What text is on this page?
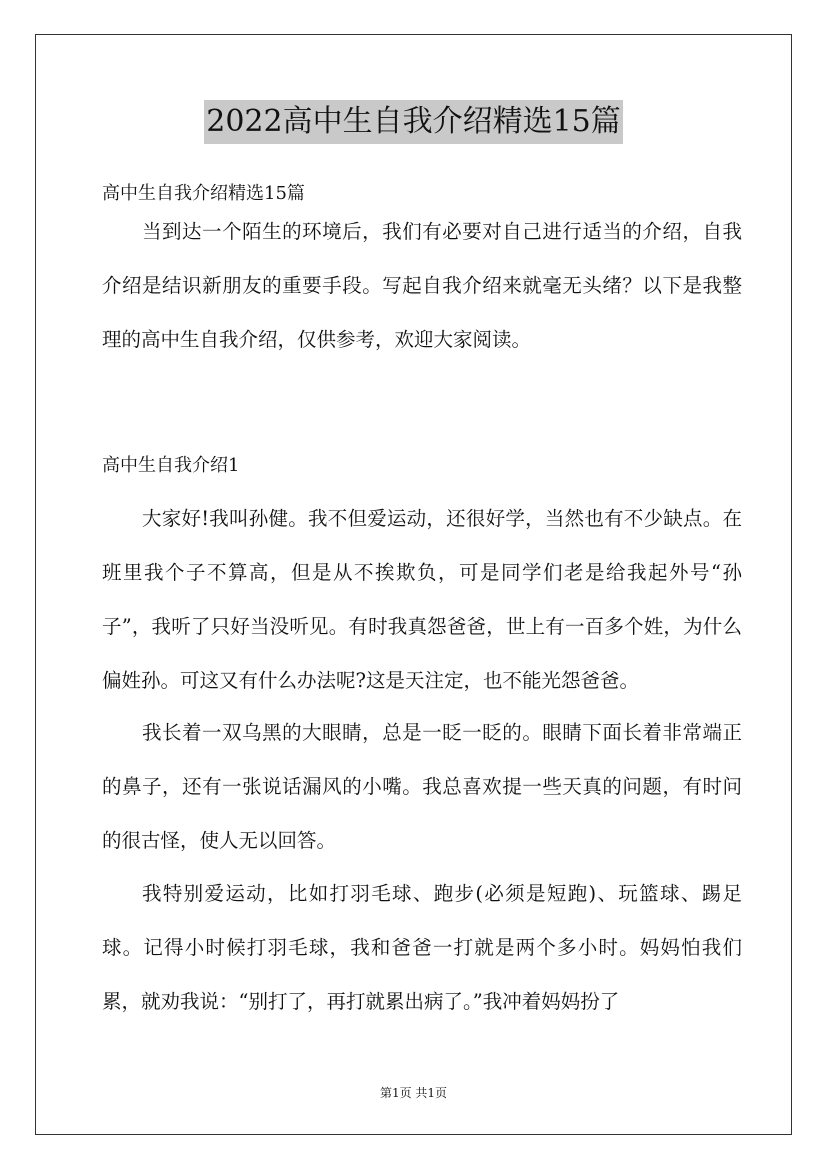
2022高中生自我介绍精选15篇
高中生自我介绍精选15篇

当到达一个陌生的环境后，我们有必要对自己进行适当的介绍，自我介绍是结识新朋友的重要手段。写起自我介绍来就毫无头绪？以下是我整理的高中生自我介绍，仅供参考，欢迎大家阅读。

高中生自我介绍1

大家好!我叫孙健。我不但爱运动，还很好学，当然也有不少缺点。在班里我个子不算高，但是从不挨欺负，可是同学们老是给我起外号“孙子”，我听了只好当没听见。有时我真怨爸爸，世上有一百多个姓，为什么偏姓孙。可这又有什么办法呢?这是天注定，也不能光怨爸爸。

我长着一双乌黑的大眼睛，总是一眨一眨的。眼睛下面长着非常端正的鼻子，还有一张说话漏风的小嘴。我总喜欢提一些天真的问题，有时问的很古怪，使人无以回答。

我特别爱运动，比如打羽毛球、跑步(必须是短跑)、玩篮球、踢足球。记得小时候打羽毛球，我和爸爸一打就是两个多小时。妈妈怕我们累，就劝我说：“别打了，再打就累出病了。”我冲着妈妈扮了

第1页 共1页
